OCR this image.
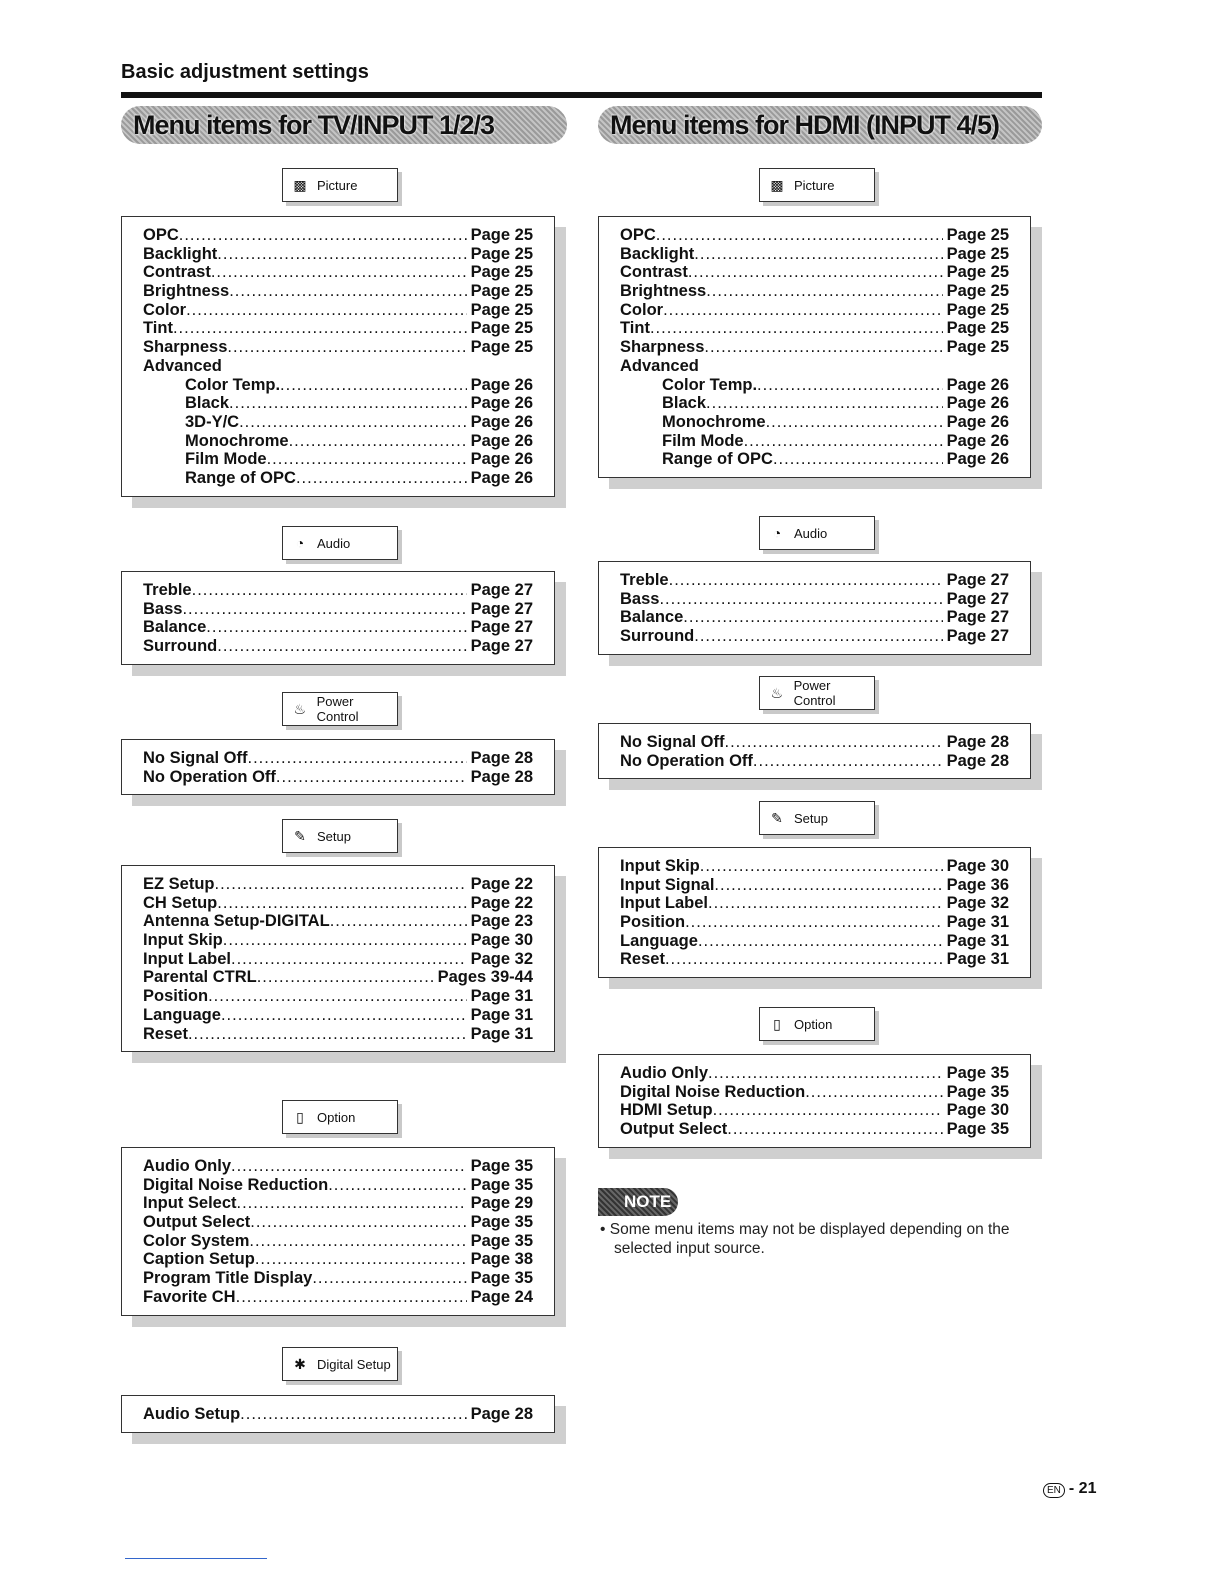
Basic adjustment settings
NOTE
• Some menu items may not be displayed depending on the selected input source.
EN - 21
Menu items for TV/INPUT 1/2/3
▩ Picture
OPC .....	Page 25
Backlight .....	Page 25
Contrast .....	Page 25
Brightness .....	Page 25
Color .....	Page 25
Tint .....	Page 25
Sharpness .....	Page 25
Advanced
Color Temp. .....	Page 26
Black .....	Page 26
3D-Y/C .....	Page 26
Monochrome .....	Page 26
Film Mode .....	Page 26
Range of OPC .....	Page 26
◔ Audio
Treble .....	Page 27
Bass .....	Page 27
Balance .....	Page 27
Surround .....	Page 27
♨ Power Control
No Signal Off .....	Page 28
No Operation Off .....	Page 28
✎ Setup
EZ Setup .....	Page 22
CH Setup .....	Page 22
Antenna Setup-DIGITAL .....	Page 23
Input Skip .....	Page 30
Input Label .....	Page 32
Parental CTRL .....	Pages 39-44
Position .....	Page 31
Language .....	Page 31
Reset .....	Page 31
▯	Option
Audio Only .....	Page 35
Digital Noise Reduction .....	Page 35
Input Select .....	Page 29
Output Select .....	Page 35
Color System .....	Page 35
Caption Setup .....	Page 38
Program Title Display .....	Page 35
Favorite CH .....	Page 24
✱ Digital Setup
Audio Setup .....	Page 28
Menu items for HDMI (INPUT 4/5)
▩ Picture
OPC .....	Page 25
Backlight .....	Page 25
Contrast .....	Page 25
Brightness .....	Page 25
Color .....	Page 25
Tint .....	Page 25
Sharpness .....	Page 25
Advanced
Color Temp. .....	Page 26
Black .....	Page 26
Monochrome .....	Page 26
Film Mode .....	Page 26
Range of OPC .....	Page 26
◔ Audio
Treble .....	Page 27
Bass .....	Page 27
Balance .....	Page 27
Surround .....	Page 27
♨ Power Control
No Signal Off .....	Page 28
No Operation Off .....	Page 28
✎ Setup
Input Skip .....	Page 30
Input Signal .....	Page 36
Input Label .....	Page 32
Position .....	Page 31
Language .....	Page 31
Reset .....	Page 31
▯	Option
Audio Only .....	Page 35
Digital Noise Reduction .....	Page 35
HDMI Setup .....	Page 30
Output Select .....	Page 35
